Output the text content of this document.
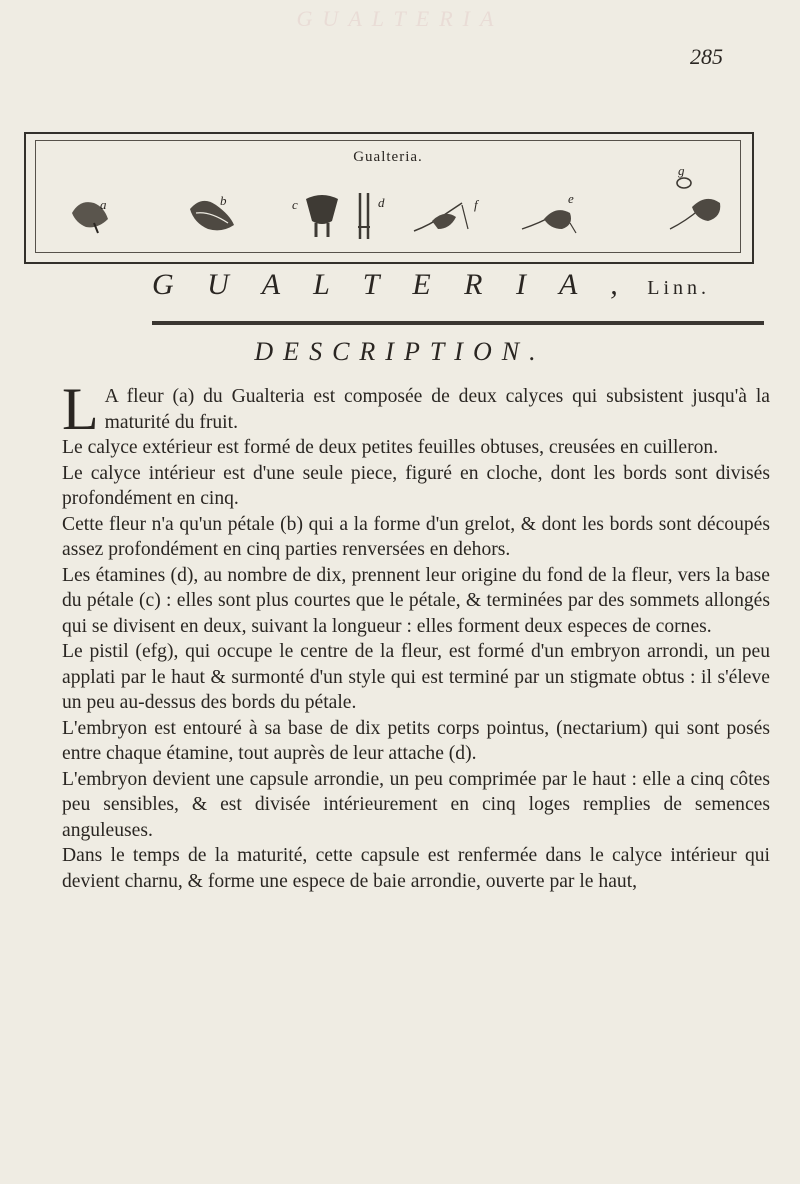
GUALTERIA
285
Gualteria.
a	b	c	d	f	e
g
G U A L T E R I A , Linn.
DESCRIPTION.

L A fleur (a) du Gualteria est composée de deux calyces qui subsistent jusqu'à la maturité du fruit.

Le calyce extérieur est formé de deux petites feuilles obtuses, creusées en cuilleron.

Le calyce intérieur est d'une seule piece, figuré en cloche, dont les bords sont divisés profondément en cinq.

Cette fleur n'a qu'un pétale (b) qui a la forme d'un grelot, & dont les bords sont découpés assez profondément en cinq parties renversées en dehors.

Les étamines (d), au nombre de dix, prennent leur origine du fond de la fleur, vers la base du pétale (c) : elles sont plus courtes que le pétale, & terminées par des sommets allongés qui se divisent en deux, suivant la longueur : elles forment deux especes de cornes.

Le pistil (efg), qui occupe le centre de la fleur, est formé d'un embryon arrondi, un peu applati par le haut & surmonté d'un style qui est terminé par un stigmate obtus : il s'éleve un peu au-dessus des bords du pétale.

L'embryon est entouré à sa base de dix petits corps pointus, (nectarium) qui sont posés entre chaque étamine, tout auprès de leur attache (d).

L'embryon devient une capsule arrondie, un peu comprimée par le haut : elle a cinq côtes peu sensibles, & est divisée intérieurement en cinq loges remplies de semences anguleuses.

Dans le temps de la maturité, cette capsule est renfermée dans le calyce intérieur qui devient charnu, & forme une espece de baie arrondie, ouverte par le haut,
